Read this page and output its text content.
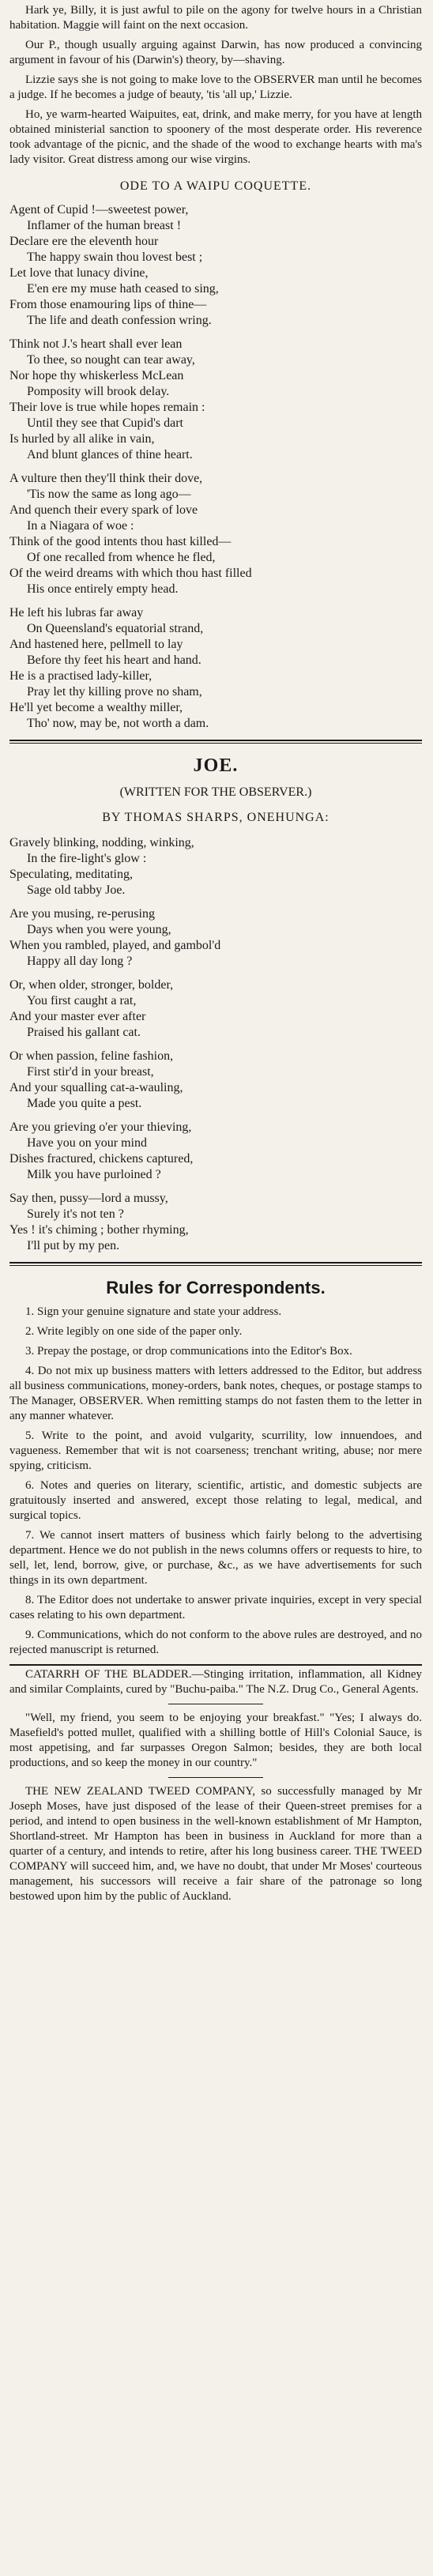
Hark ye, Billy, it is just awful to pile on the agony for twelve hours in a Christian habitation. Maggie will faint on the next occasion.

Our P., though usually arguing against Darwin, has now produced a convincing argument in favour of his (Darwin's) theory, by—shaving.

Lizzie says she is not going to make love to the OBSERVER man until he becomes a judge. If he becomes a judge of beauty, 'tis 'all up,' Lizzie.

Ho, ye warm-hearted Waipuites, eat, drink, and make merry, for you have at length obtained ministerial sanction to spoonery of the most desperate order. His reverence took advantage of the picnic, and the shade of the wood to exchange hearts with ma's lady visitor. Great distress among our wise virgins.

ODE TO A WAIPU COQUETTE.
Agent of Cupid !—sweetest power,
Inflamer of the human breast !
Declare ere the eleventh hour
The happy swain thou lovest best ;
Let love that lunacy divine,
E'en ere my muse hath ceased to sing,
From those enamouring lips of thine—
The life and death confession wring.
Think not J.'s heart shall ever lean
To thee, so nought can tear away,
Nor hope thy whiskerless McLean
Pomposity will brook delay.
Their love is true while hopes remain :
Until they see that Cupid's dart
Is hurled by all alike in vain,
And blunt glances of thine heart.
A vulture then they'll think their dove,
'Tis now the same as long ago—
And quench their every spark of love
In a Niagara of woe :
Think of the good intents thou hast killed—
Of one recalled from whence he fled,
Of the weird dreams with which thou hast filled
His once entirely empty head.
He left his lubras far away
On Queensland's equatorial strand,
And hastened here, pellmell to lay
Before thy feet his heart and hand.
He is a practised lady-killer,
Pray let thy killing prove no sham,
He'll yet become a wealthy miller,
Tho' now, may be, not worth a dam.
JOE.
(WRITTEN FOR THE OBSERVER.)
BY THOMAS SHARPS, ONEHUNGA:
Gravely blinking, nodding, winking,
In the fire-light's glow :
Speculating, meditating,
Sage old tabby Joe.
Are you musing, re-perusing
Days when you were young,
When you rambled, played, and gambol'd
Happy all day long ?
Or, when older, stronger, bolder,
You first caught a rat,
And your master ever after
Praised his gallant cat.
Or when passion, feline fashion,
First stir'd in your breast,
And your squalling cat-a-wauling,
Made you quite a pest.
Are you grieving o'er your thieving,
Have you on your mind
Dishes fractured, chickens captured,
Milk you have purloined ?
Say then, pussy—lord a mussy,
Surely it's not ten ?
Yes ! it's chiming ; bother rhyming,
I'll put by my pen.
Rules for Correspondents.

1. Sign your genuine signature and state your address.

2. Write legibly on one side of the paper only.

3. Prepay the postage, or drop communications into the Editor's Box.

4. Do not mix up business matters with letters addressed to the Editor, but address all business communications, money-orders, bank notes, cheques, or postage stamps to The Manager, OBSERVER. When remitting stamps do not fasten them to the letter in any manner whatever.

5. Write to the point, and avoid vulgarity, scurrility, low innuendoes, and vagueness. Remember that wit is not coarseness; trenchant writing, abuse; nor mere spying, criticism.

6. Notes and queries on literary, scientific, artistic, and domestic subjects are gratuitously inserted and answered, except those relating to legal, medical, and surgical topics.

7. We cannot insert matters of business which fairly belong to the advertising department. Hence we do not publish in the news columns offers or requests to hire, to sell, let, lend, borrow, give, or purchase, &c., as we have advertisements for such things in its own department.

8. The Editor does not undertake to answer private inquiries, except in very special cases relating to his own department.

9. Communications, which do not conform to the above rules are destroyed, and no rejected manuscript is returned.

CATARRH OF THE BLADDER.—Stinging irritation, inflammation, all Kidney and similar Complaints, cured by "Buchu-paiba." The N.Z. Drug Co., General Agents.

"Well, my friend, you seem to be enjoying your breakfast." "Yes; I always do. Masefield's potted mullet, qualified with a shilling bottle of Hill's Colonial Sauce, is most appetising, and far surpasses Oregon Salmon; besides, they are both local productions, and so keep the money in our country."

THE NEW ZEALAND TWEED COMPANY, so successfully managed by Mr Joseph Moses, have just disposed of the lease of their Queen-street premises for a period, and intend to open business in the well-known establishment of Mr Hampton, Shortland-street. Mr Hampton has been in business in Auckland for more than a quarter of a century, and intends to retire, after his long business career. THE TWEED COMPANY will succeed him, and, we have no doubt, that under Mr Moses' courteous management, his successors will receive a fair share of the patronage so long bestowed upon him by the public of Auckland.
